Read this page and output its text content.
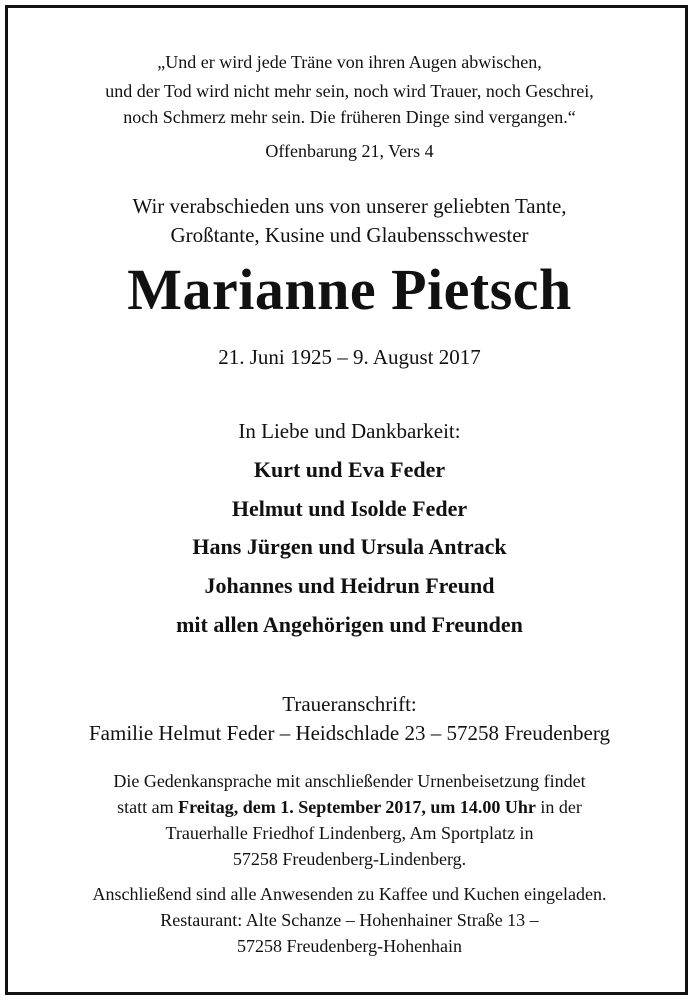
„Und er wird jede Träne von ihren Augen abwischen,

und der Tod wird nicht mehr sein, noch wird Trauer, noch Geschrei,

noch Schmerz mehr sein. Die früheren Dinge sind vergangen.“

Offenbarung 21, Vers 4

Wir verabschieden uns von unserer geliebten Tante,

Großtante, Kusine und Glaubensschwester

Marianne Pietsch

21. Juni 1925 – 9. August 2017

In Liebe und Dankbarkeit:

Kurt und Eva Feder

Helmut und Isolde Feder

Hans Jürgen und Ursula Antrack

Johannes und Heidrun Freund

mit allen Angehörigen und Freunden

Traueranschrift:

Familie Helmut Feder – Heidschlade 23 – 57258 Freudenberg

Die Gedenkansprache mit anschließender Urnenbeisetzung findet

statt am Freitag, dem 1. September 2017, um 14.00 Uhr in der

Trauerhalle Friedhof Lindenberg, Am Sportplatz in

57258 Freudenberg-Lindenberg.

Anschließend sind alle Anwesenden zu Kaffee und Kuchen eingeladen.

Restaurant: Alte Schanze – Hohenhainer Straße 13 –

57258 Freudenberg-Hohenhain
